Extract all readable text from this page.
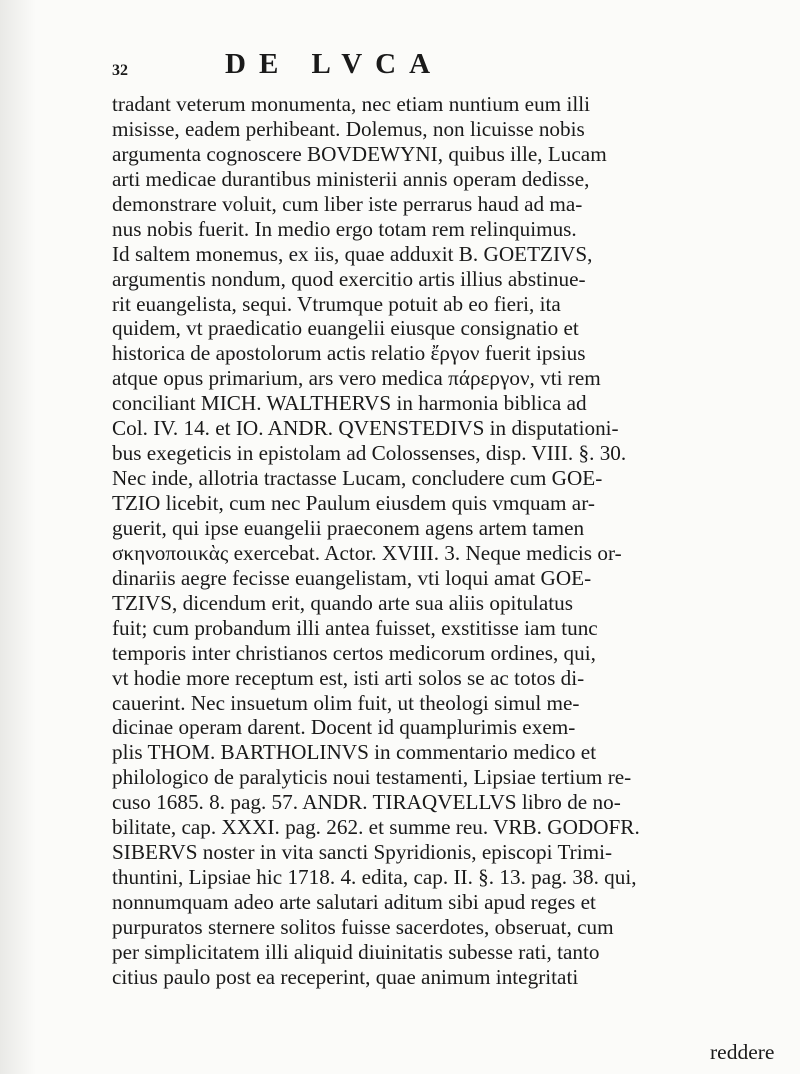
32	DE LVCA
tradant veterum monumenta, nec etiam nuntium eum illi
misisse, eadem perhibeant. Dolemus, non licuisse nobis
argumenta cognoscere BOVDEWYNI, quibus ille, Lucam
arti medicae durantibus ministerii annis operam dedisse,
demonstrare voluit, cum liber iste perrarus haud ad ma-
nus nobis fuerit. In medio ergo totam rem relinquimus.
Id saltem monemus, ex iis, quae adduxit B. GOETZIVS,
argumentis nondum, quod exercitio artis illius abstinue-
rit euangelista, sequi. Vtrumque potuit ab eo fieri, ita
quidem, vt praedicatio euangelii eiusque consignatio et
historica de apostolorum actis relatio ἔργον fuerit ipsius
atque opus primarium, ars vero medica πάρεργον, vti rem
conciliant MICH. WALTHERVS in harmonia biblica ad
Col. IV. 14. et IO. ANDR. QVENSTEDIVS in disputationi-
bus exegeticis in epistolam ad Colossenses, disp. VIII. §. 30.
Nec inde, allotria tractasse Lucam, concludere cum GOE-
TZIO licebit, cum nec Paulum eiusdem quis vmquam ar-
guerit, qui ipse euangelii praeconem agens artem tamen
σκηνοποιικὰς exercebat. Actor. XVIII. 3. Neque medicis or-
dinariis aegre fecisse euangelistam, vti loqui amat GOE-
TZIVS, dicendum erit, quando arte sua aliis opitulatus
fuit; cum probandum illi antea fuisset, exstitisse iam tunc
temporis inter christianos certos medicorum ordines, qui,
vt hodie more receptum est, isti arti solos se ac totos di-
cauerint. Nec insuetum olim fuit, ut theologi simul me-
dicinae operam darent. Docent id quamplurimis exem-
plis THOM. BARTHOLINVS in commentario medico et
philologico de paralyticis noui testamenti, Lipsiae tertium re-
cuso 1685. 8. pag. 57. ANDR. TIRAQVELLVS libro de no-
bilitate, cap. XXXI. pag. 262. et summe reu. VRB. GODOFR.
SIBERVS noster in vita sancti Spyridionis, episcopi Trimi-
thuntini, Lipsiae hic 1718. 4. edita, cap. II. §. 13. pag. 38. qui,
nonnumquam adeo arte salutari aditum sibi apud reges et
purpuratos sternere solitos fuisse sacerdotes, obseruat, cum
per simplicitatem illi aliquid diuinitatis subesse rati, tanto
citius paulo post ea receperint, quae animum integritati
reddere
